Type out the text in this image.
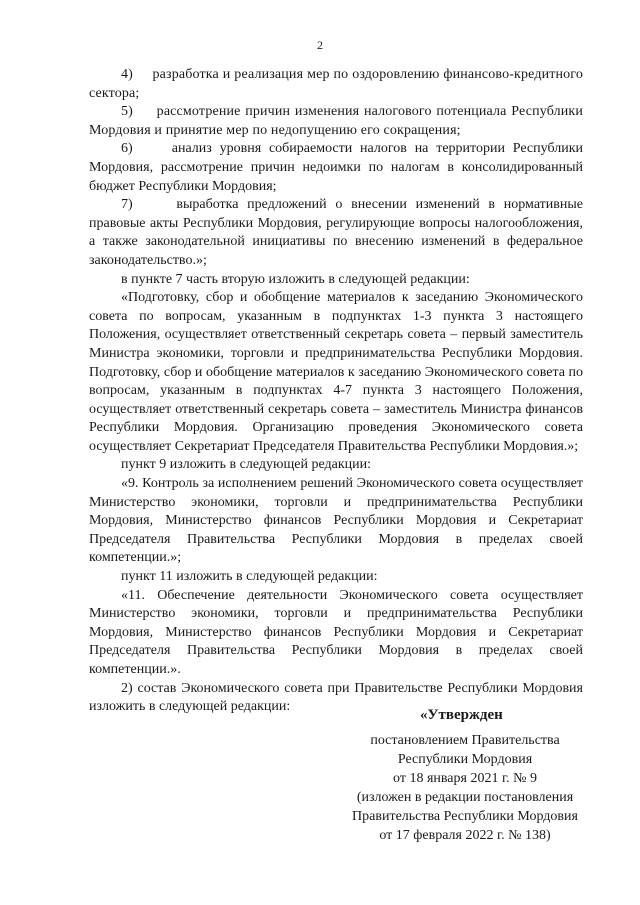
2

4)     разработка и реализация мер по оздоровлению финансово-кредитного сектора;

5)     рассмотрение причин изменения налогового потенциала Республики Мордовия и принятие мер по недопущению его сокращения;

6)     анализ уровня собираемости налогов на территории Республики Мордовия, рассмотрение причин недоимки по налогам в консолидированный бюджет Республики Мордовия;

7)     выработка предложений о внесении изменений в нормативные правовые акты Республики Мордовия, регулирующие вопросы налогообложения, а также законодательной инициативы по внесению изменений в федеральное законодательство.»;

в пункте 7 часть вторую изложить в следующей редакции:

«Подготовку, сбор и обобщение материалов к заседанию Экономического совета по вопросам, указанным в подпунктах 1-3 пункта 3 настоящего Положения, осуществляет ответственный секретарь совета – первый заместитель Министра экономики, торговли и предпринимательства Республики Мордовия. Подготовку, сбор и обобщение материалов к заседанию Экономического совета по вопросам, указанным в подпунктах 4-7 пункта 3 настоящего Положения, осуществляет ответственный секретарь совета – заместитель Министра финансов Республики Мордовия. Организацию проведения Экономического совета осуществляет Секретариат Председателя Правительства Республики Мордовия.»;

пункт 9 изложить в следующей редакции:

«9. Контроль за исполнением решений Экономического совета осуществляет Министерство экономики, торговли и предпринимательства Республики Мордовия, Министерство финансов Республики Мордовия и Секретариат Председателя Правительства Республики Мордовия в пределах своей компетенции.»;

пункт 11 изложить в следующей редакции:

«11. Обеспечение деятельности Экономического совета осуществляет Министерство экономики, торговли и предпринимательства Республики Мордовия, Министерство финансов Республики Мордовия и Секретариат Председателя Правительства Республики Мордовия в пределах своей компетенции.».

2) состав Экономического совета при Правительстве Республики Мордовия изложить в следующей редакции:

«Утвержден
постановлением Правительства
Республики Мордовия
от 18 января 2021 г. № 9
(изложен в редакции постановления
Правительства Республики Мордовия
от 17 февраля 2022 г. № 138)
